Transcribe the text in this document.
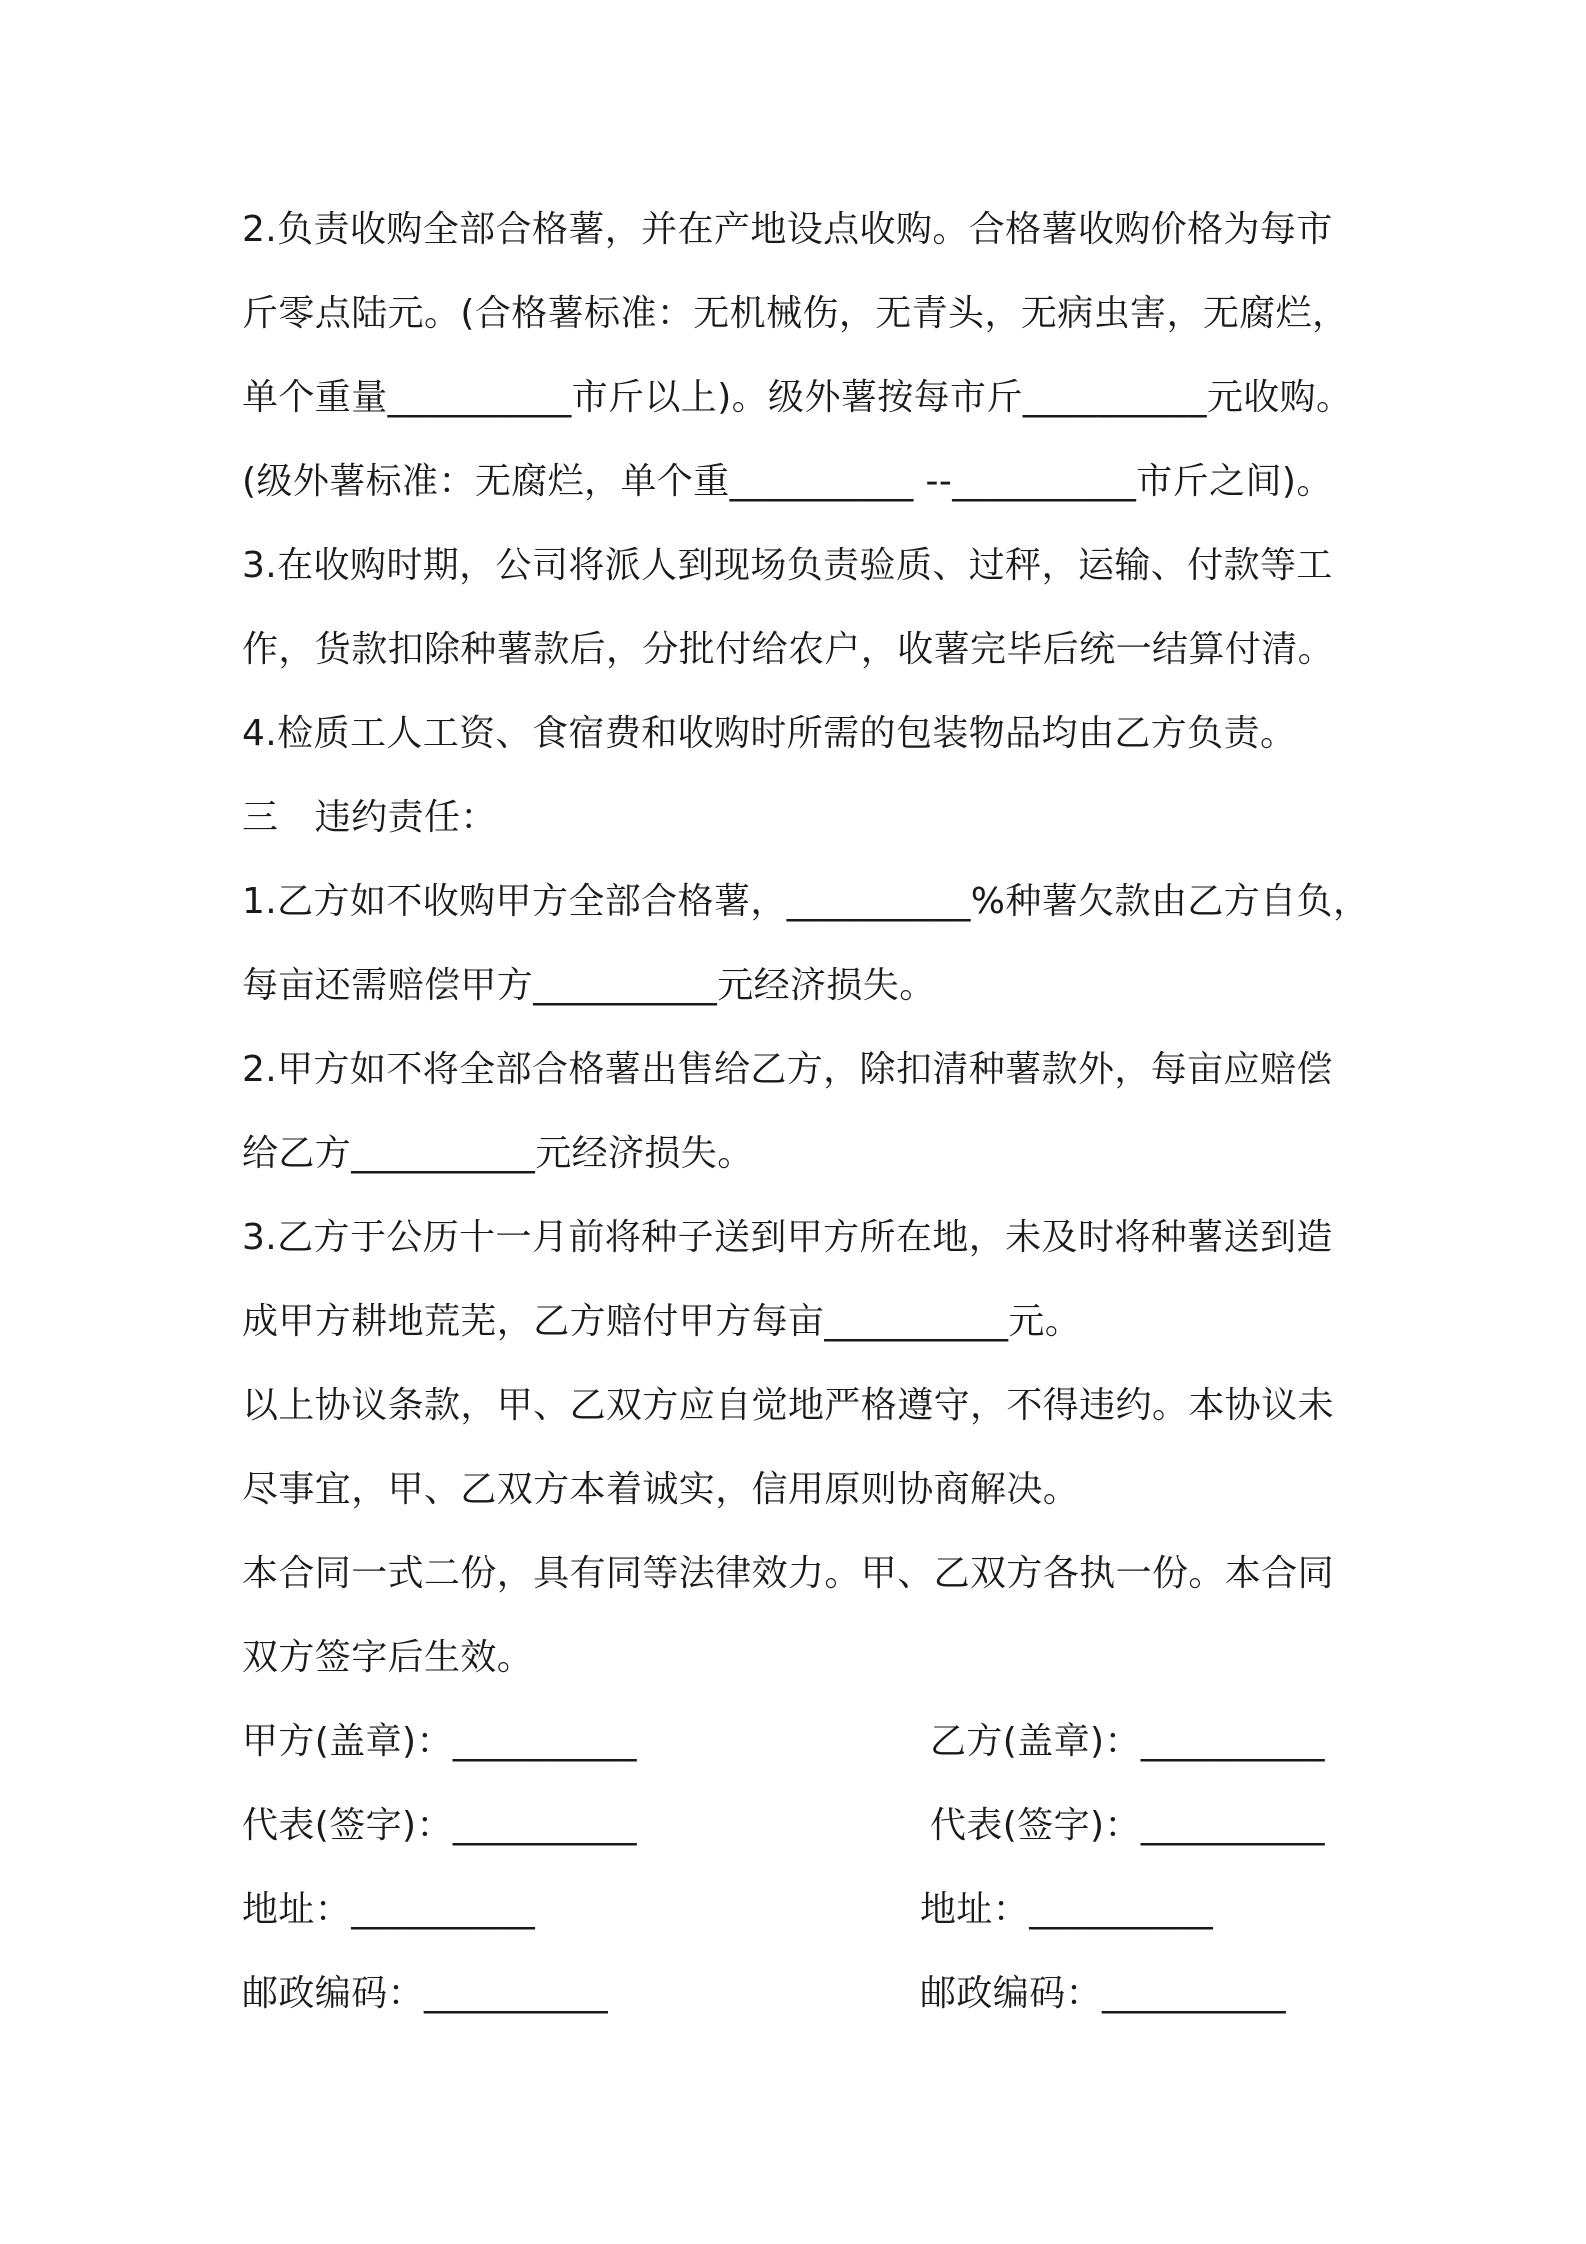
2.负责收购全部合格薯，并在产地设点收购。合格薯收购价格为每市
斤零点陆元。(合格薯标准：无机械伤，无青头，无病虫害，无腐烂，
单个重量__________市斤以上)。级外薯按每市斤__________元收购。
(级外薯标准：无腐烂，单个重__________ --__________市斤之间)。
3.在收购时期，公司将派人到现场负责验质、过秤，运输、付款等工
作，货款扣除种薯款后，分批付给农户，收薯完毕后统一结算付清。
4.检质工人工资、食宿费和收购时所需的包装物品均由乙方负责。
三　违约责任：
1.乙方如不收购甲方全部合格薯，__________%种薯欠款由乙方自负，
每亩还需赔偿甲方__________元经济损失。
2.甲方如不将全部合格薯出售给乙方，除扣清种薯款外，每亩应赔偿
给乙方__________元经济损失。
3.乙方于公历十一月前将种子送到甲方所在地，未及时将种薯送到造
成甲方耕地荒芜，乙方赔付甲方每亩__________元。
以上协议条款，甲、乙双方应自觉地严格遵守，不得违约。本协议未
尽事宜，甲、乙双方本着诚实，信用原则协商解决。
本合同一式二份，具有同等法律效力。甲、乙双方各执一份。本合同
双方签字后生效。
甲方(盖章)：__________	乙方(盖章)：__________
代表(签字)：__________	代表(签字)：__________
地址：__________	地址：__________
邮政编码：__________	邮政编码：__________
